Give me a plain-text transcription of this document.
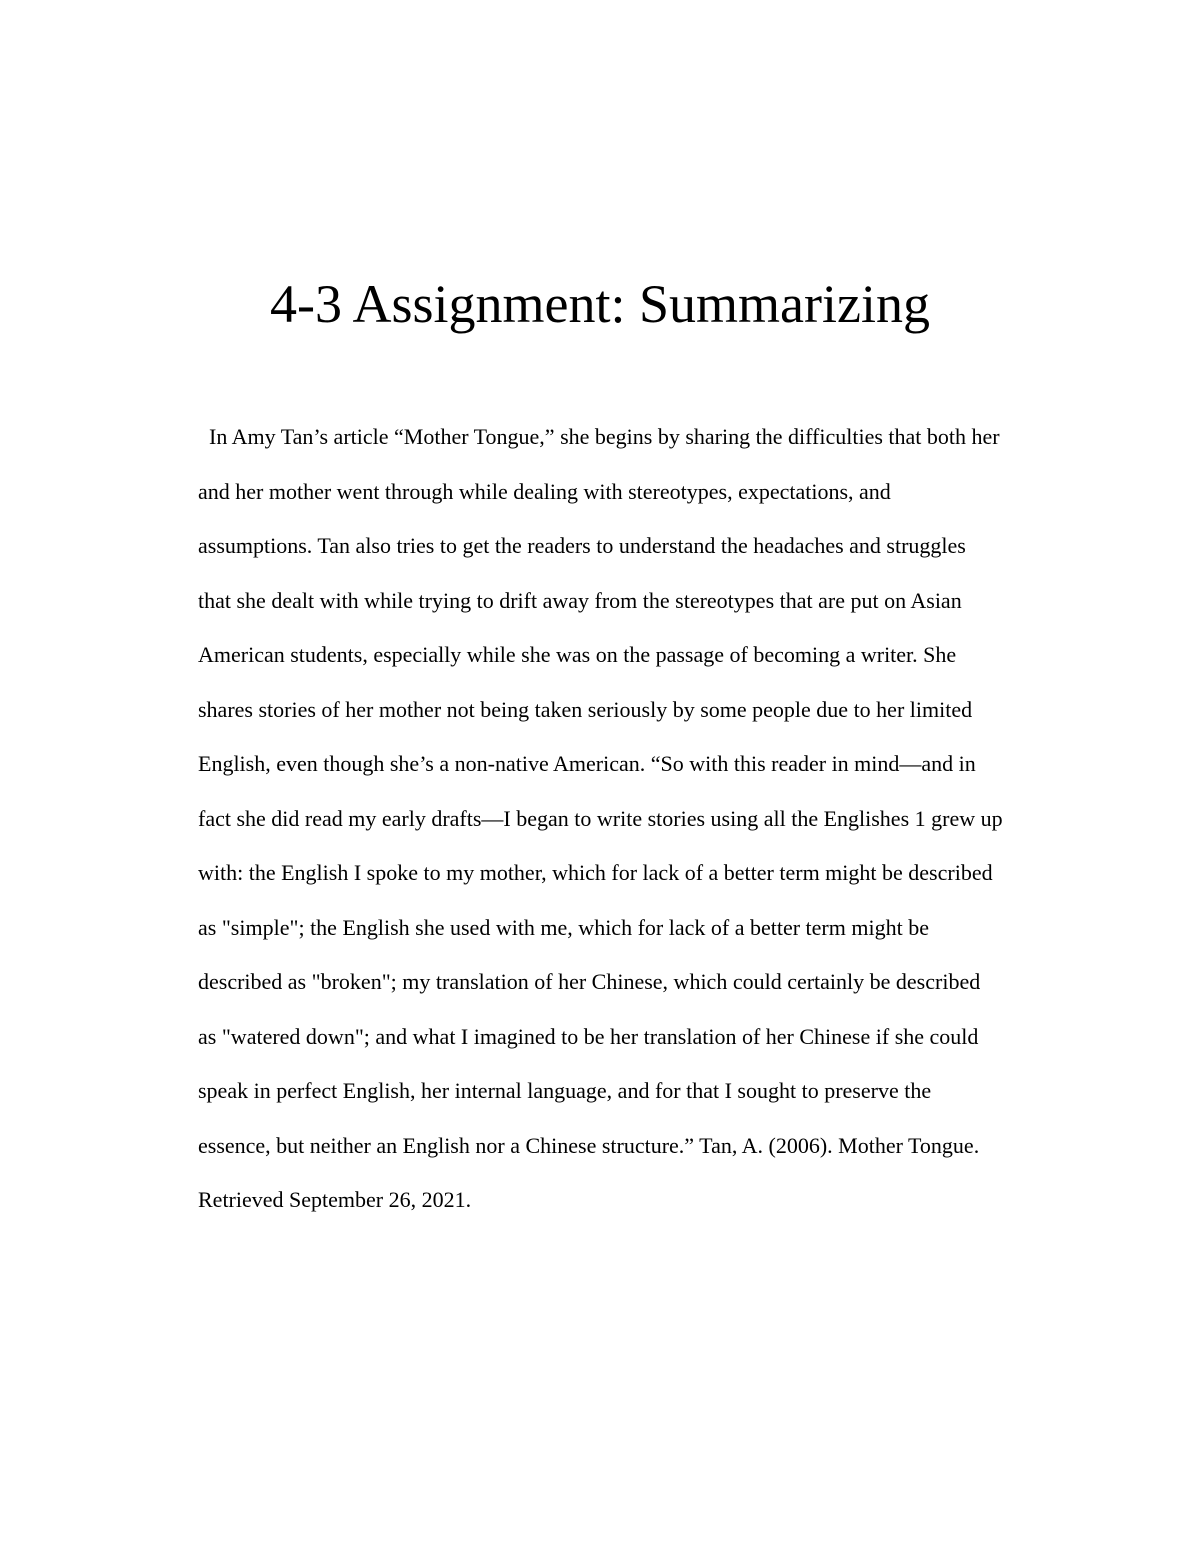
4-3 Assignment: Summarizing
In Amy Tan’s article “Mother Tongue,” she begins by sharing the difficulties that both her
and her mother went through while dealing with stereotypes, expectations, and
assumptions. Tan also tries to get the readers to understand the headaches and struggles
that she dealt with while trying to drift away from the stereotypes that are put on Asian
American students, especially while she was on the passage of becoming a writer. She
shares stories of her mother not being taken seriously by some people due to her limited
English, even though she’s a non-native American. “So with this reader in mind—and in
fact she did read my early drafts—I began to write stories using all the Englishes 1 grew up
with: the English I spoke to my mother, which for lack of a better term might be described
as "simple"; the English she used with me, which for lack of a better term might be
described as "broken"; my translation of her Chinese, which could certainly be described
as "watered down"; and what I imagined to be her translation of her Chinese if she could
speak in perfect English, her internal language, and for that I sought to preserve the
essence, but neither an English nor a Chinese structure.” Tan, A. (2006). Mother Tongue.
Retrieved September 26, 2021.
